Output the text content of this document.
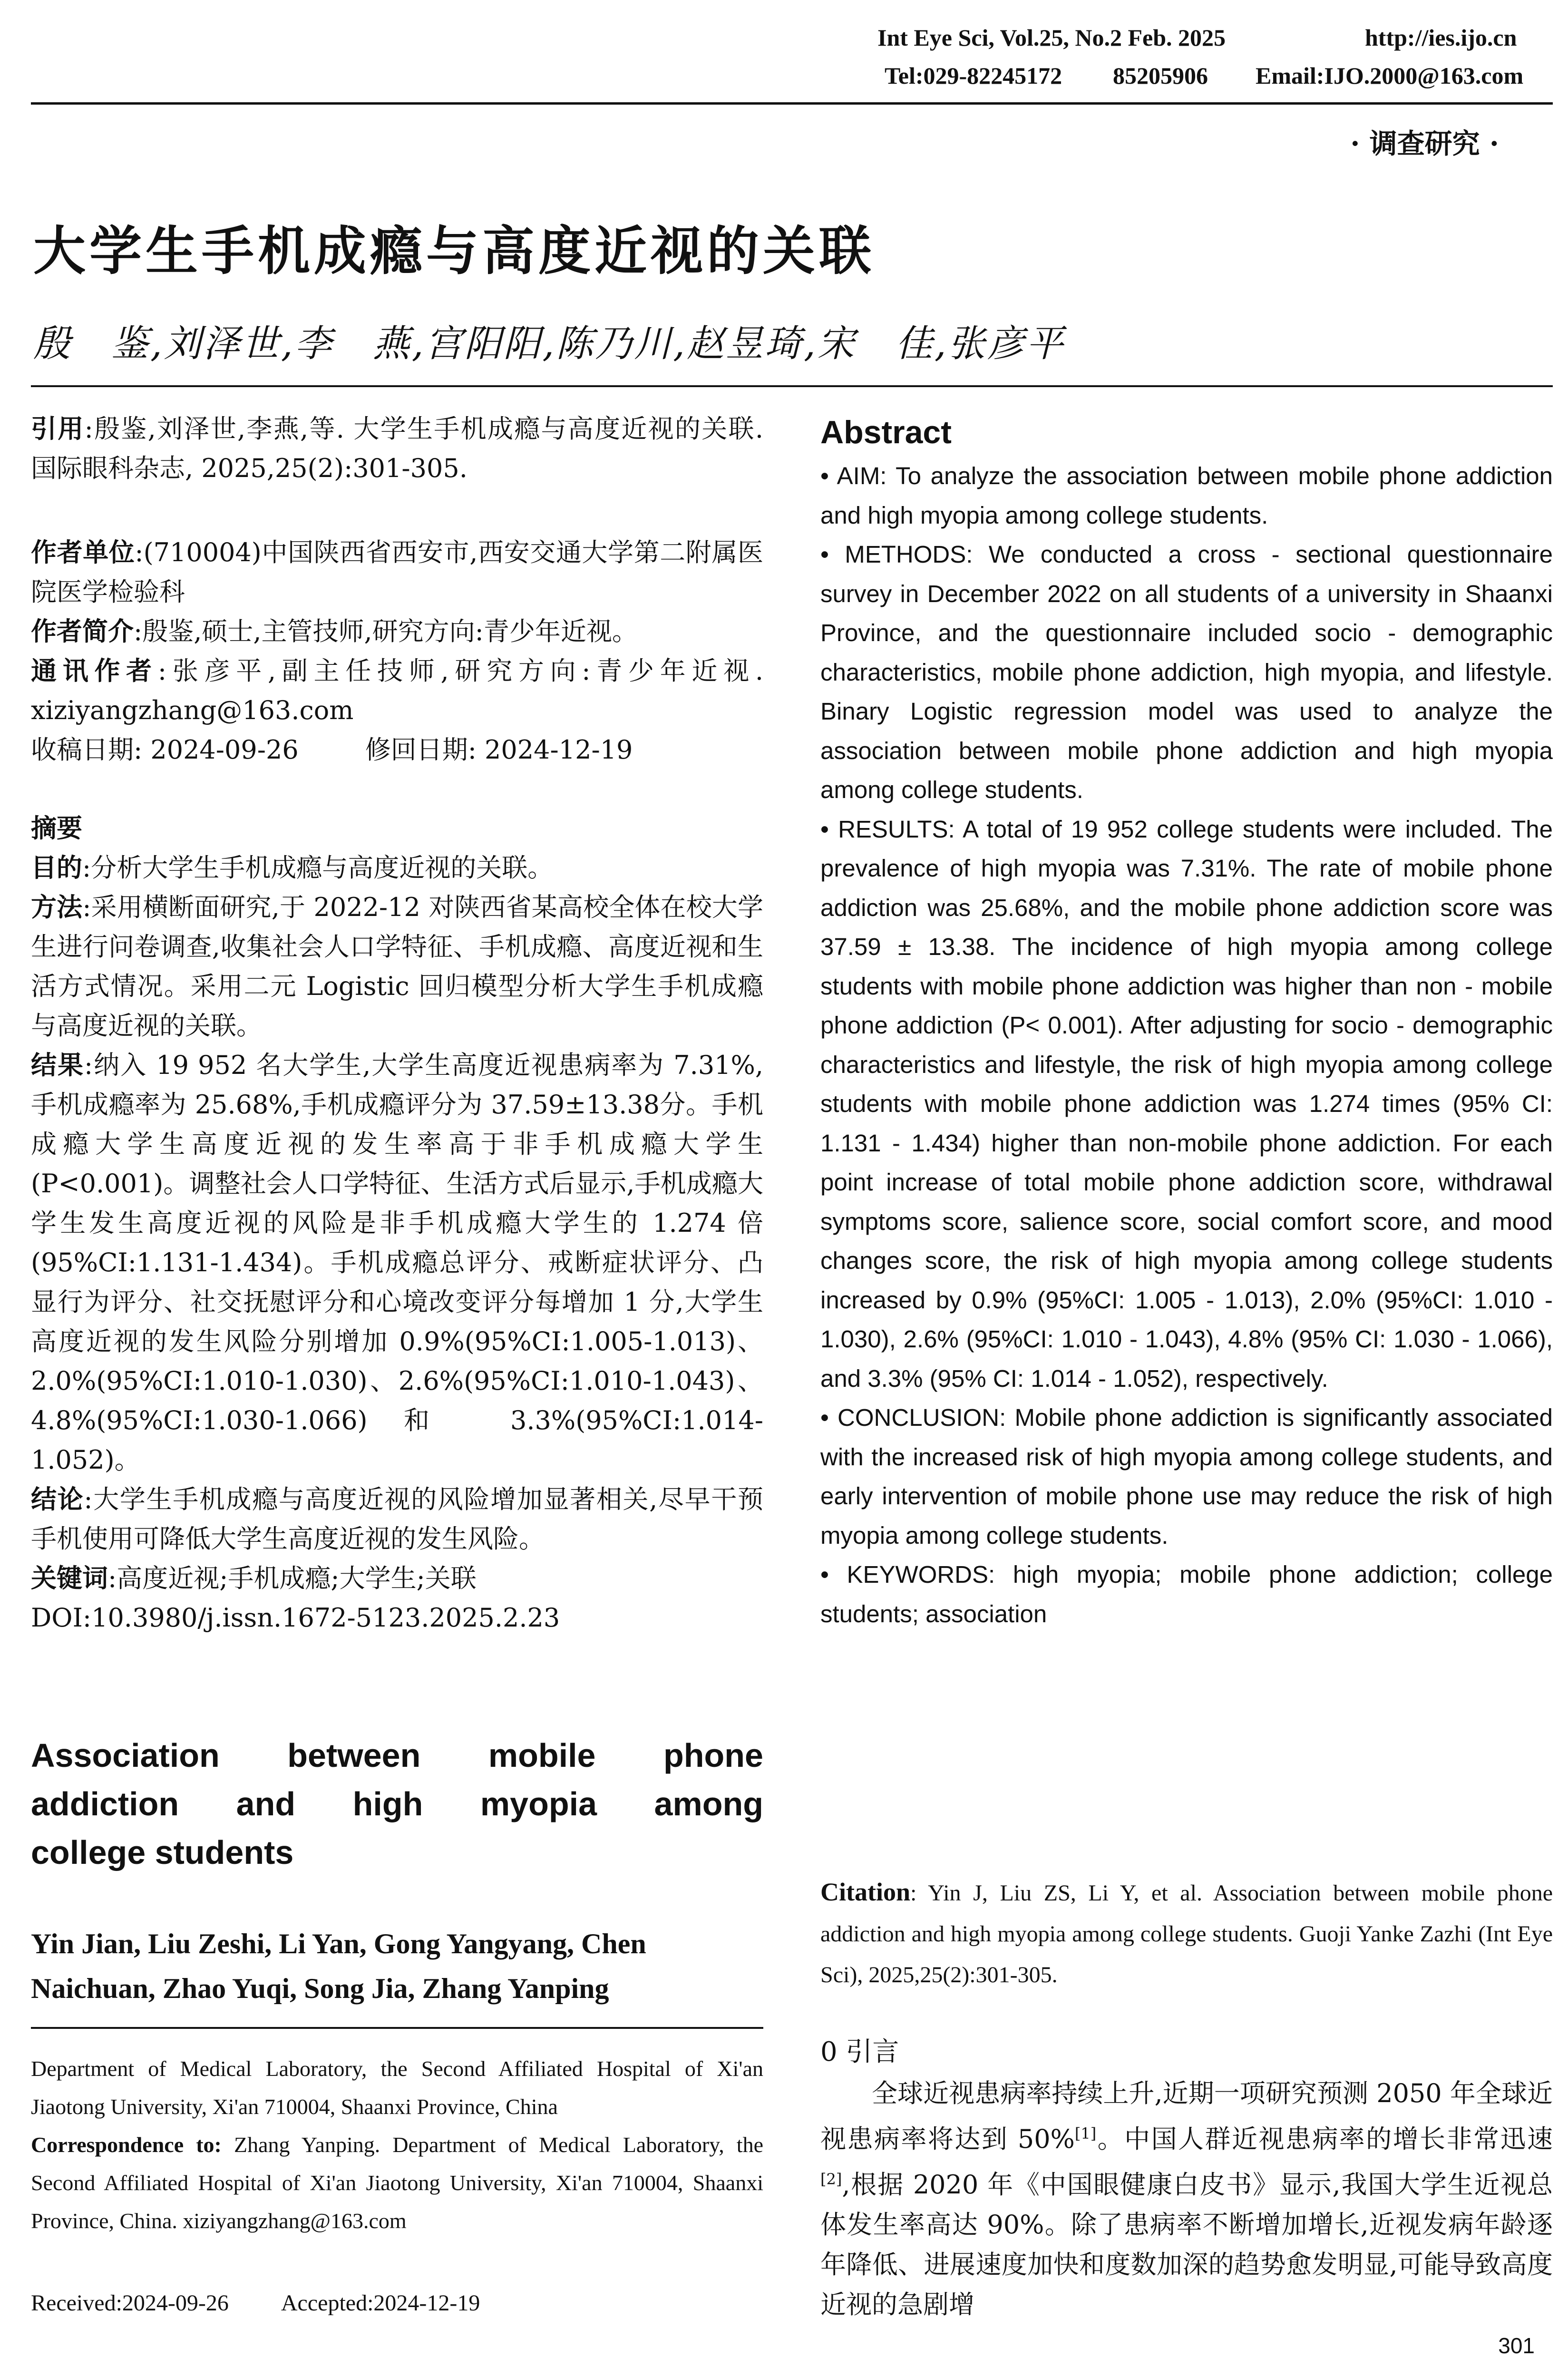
Int Eye Sci, Vol.25, No.2 Feb. 2025	http://ies.ijo.cn
Tel:029-82245172 85205906 Email:IJO.2000@163.com
· 调查研究 ·
大学生手机成瘾与高度近视的关联
殷　鉴,刘泽世,李　燕,宫阳阳,陈乃川,赵昱琦,宋　佳,张彦平

引用:殷鉴,刘泽世,李燕,等. 大学生手机成瘾与高度近视的关联. 国际眼科杂志, 2025,25(2):301-305.

作者单位:(710004)中国陕西省西安市,西安交通大学第二附属医院医学检验科

作者简介:殷鉴,硕士,主管技师,研究方向:青少年近视。

通讯作者:张彦平,副主任技师,研究方向:青少年近视. xiziyangzhang@163.com

收稿日期: 2024-09-26	修回日期: 2024-12-19

摘要

目的:分析大学生手机成瘾与高度近视的关联。

方法:采用横断面研究,于 2022-12 对陕西省某高校全体在校大学生进行问卷调查,收集社会人口学特征、手机成瘾、高度近视和生活方式情况。采用二元 Logistic 回归模型分析大学生手机成瘾与高度近视的关联。

结果:纳入 19 952 名大学生,大学生高度近视患病率为 7.31%,手机成瘾率为 25.68%,手机成瘾评分为 37.59±13.38分。手机成瘾大学生高度近视的发生率高于非手机成瘾大学生(P<0.001)。调整社会人口学特征、生活方式后显示,手机成瘾大学生发生高度近视的风险是非手机成瘾大学生的 1.274 倍(95%CI:1.131-1.434)。手机成瘾总评分、戒断症状评分、凸显行为评分、社交抚慰评分和心境改变评分每增加 1 分,大学生高度近视的发生风险分别增加 0.9%(95%CI:1.005-1.013)、2.0%(95%CI:1.010-1.030)、2.6%(95%CI:1.010-1.043)、4.8%(95%CI:1.030-1.066)和 3.3%(95%CI:1.014-1.052)。

结论:大学生手机成瘾与高度近视的风险增加显著相关,尽早干预手机使用可降低大学生高度近视的发生风险。

关键词:高度近视;手机成瘾;大学生;关联

DOI:10.3980/j.issn.1672-5123.2025.2.23

Association between mobile phone
addiction and high myopia among
college students
Yin Jian, Liu Zeshi, Li Yan, Gong Yangyang, Chen Naichuan, Zhao Yuqi, Song Jia, Zhang Yanping
Department of Medical Laboratory, the Second Affiliated Hospital of Xi'an Jiaotong University, Xi'an 710004, Shaanxi Province, China
Correspondence to: Zhang Yanping. Department of Medical Laboratory, the Second Affiliated Hospital of Xi'an Jiaotong University, Xi'an 710004, Shaanxi Province, China. xiziyangzhang@163.com
Received:2024-09-26 Accepted:2024-12-19
Abstract

• AIM: To analyze the association between mobile phone addiction and high myopia among college students.

• METHODS: We conducted a cross - sectional questionnaire survey in December 2022 on all students of a university in Shaanxi Province, and the questionnaire included socio - demographic characteristics, mobile phone addiction, high myopia, and lifestyle. Binary Logistic regression model was used to analyze the association between mobile phone addiction and high myopia among college students.

• RESULTS: A total of 19 952 college students were included. The prevalence of high myopia was 7.31%. The rate of mobile phone addiction was 25.68%, and the mobile phone addiction score was 37.59 ± 13.38. The incidence of high myopia among college students with mobile phone addiction was higher than non - mobile phone addiction (P< 0.001). After adjusting for socio - demographic characteristics and lifestyle, the risk of high myopia among college students with mobile phone addiction was 1.274 times (95% CI: 1.131 - 1.434) higher than non-mobile phone addiction. For each point increase of total mobile phone addiction score, withdrawal symptoms score, salience score, social comfort score, and mood changes score, the risk of high myopia among college students increased by 0.9% (95%CI: 1.005 - 1.013), 2.0% (95%CI: 1.010 - 1.030), 2.6% (95%CI: 1.010 - 1.043), 4.8% (95% CI: 1.030 - 1.066), and 3.3% (95% CI: 1.014 - 1.052), respectively.

• CONCLUSION: Mobile phone addiction is significantly associated with the increased risk of high myopia among college students, and early intervention of mobile phone use may reduce the risk of high myopia among college students.

• KEYWORDS: high myopia; mobile phone addiction; college students; association

Citation: Yin J, Liu ZS, Li Y, et al. Association between mobile phone addiction and high myopia among college students. Guoji Yanke Zazhi (Int Eye Sci), 2025,25(2):301-305.
0 引言

全球近视患病率持续上升,近期一项研究预测 2050 年全球近视患病率将达到 50%[1]。中国人群近视患病率的增长非常迅速[2],根据 2020 年《中国眼健康白皮书》显示,我国大学生近视总体发生率高达 90%。除了患病率不断增加增长,近视发病年龄逐年降低、进展速度加快和度数加深的趋势愈发明显,可能导致高度近视的急剧增

301
